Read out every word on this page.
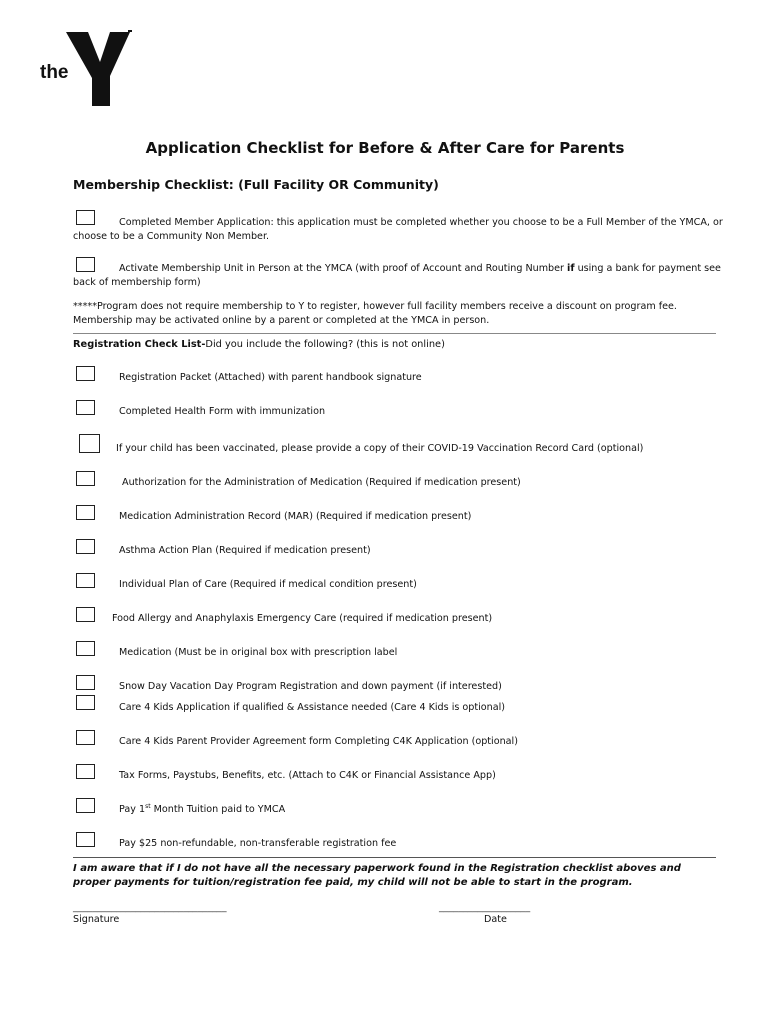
the
Application Checklist for Before & After Care for Parents
Membership Checklist: (Full Facility OR Community)
Completed Member Application: this application must be completed whether you choose to be a Full Member of the YMCA, or choose to be a Community Non Member.
Activate Membership Unit in Person at the YMCA (with proof of Account and Routing Number if using a bank for payment see back of membership form)
*****Program does not require membership to Y to register, however full facility members receive a discount on program fee. Membership may be activated online by a parent or completed at the YMCA in person.
Registration Check List-Did you include the following? (this is not online)
Registration Packet (Attached) with parent handbook signature
Completed Health Form with immunization
If your child has been vaccinated, please provide a copy of their COVID-19 Vaccination Record Card (optional)
Authorization for the Administration of Medication (Required if medication present)
Medication Administration Record (MAR) (Required if medication present)
Asthma Action Plan (Required if medication present)
Individual Plan of Care (Required if medical condition present)
Food Allergy and Anaphylaxis Emergency Care (required if medication present)
Medication (Must be in original box with prescription label
Snow Day Vacation Day Program Registration and down payment (if interested)
Care 4 Kids Application if qualified & Assistance needed (Care 4 Kids is optional)
Care 4 Kids Parent Provider Agreement form Completing C4K Application (optional)
Tax Forms, Paystubs, Benefits, etc. (Attach to C4K or Financial Assistance App)
Pay 1st Month Tuition paid to YMCA
Pay $25 non-refundable, non-transferable registration fee
I am aware that if I do not have all the necessary paperwork found in the Registration checklist aboves and proper payments for tuition/registration fee paid, my child will not be able to start in the program.
________________________________
Signature
___________________
Date
